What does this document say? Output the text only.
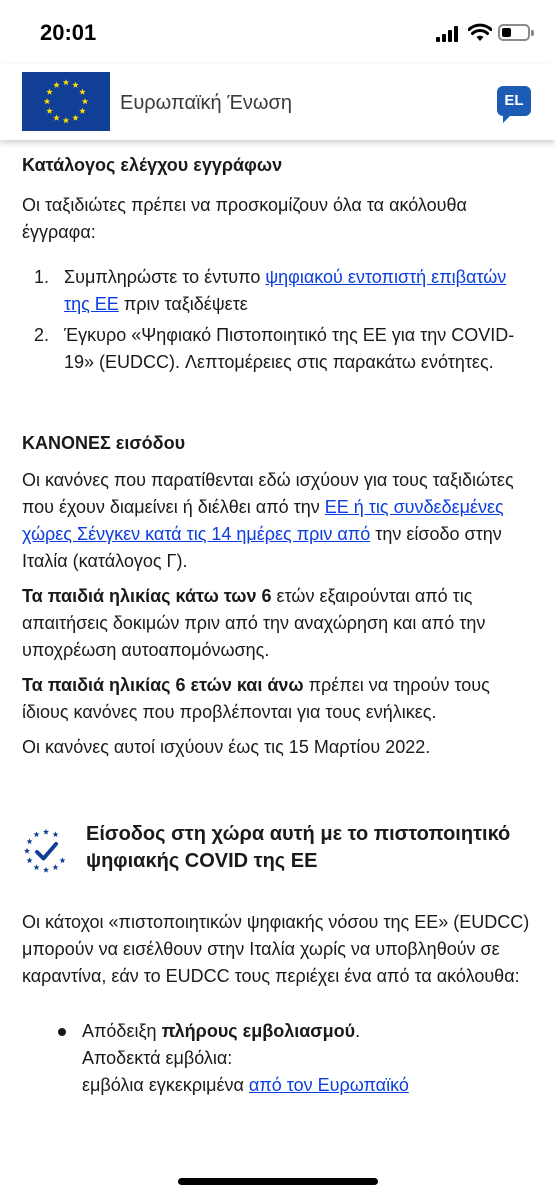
20:01
Ευρωπαϊκή Ένωση	EL
Κατάλογος ελέγχου εγγράφων

Οι ταξιδιώτες πρέπει να προσκομίζουν όλα τα ακόλουθα έγγραφα:

1. Συμπληρώστε το έντυπο ψηφιακού εντοπιστή επιβατών της ΕΕ πριν ταξιδέψετε
2. Έγκυρο «Ψηφιακό Πιστοποιητικό της ΕΕ για την COVID-19» (EUDCC). Λεπτομέρειες στις παρακάτω ενότητες.
ΚΑΝΟΝΕΣ εισόδου

Οι κανόνες που παρατίθενται εδώ ισχύουν για τους ταξιδιώτες που έχουν διαμείνει ή διέλθει από την ΕΕ ή τις συνδεδεμένες χώρες Σένγκεν κατά τις 14 ημέρες πριν από την είσοδο στην Ιταλία (κατάλογος Γ).

Τα παιδιά ηλικίας κάτω των 6 ετών εξαιρούνται από τις απαιτήσεις δοκιμών πριν από την αναχώρηση και από την υποχρέωση αυτοαπομόνωσης.

Τα παιδιά ηλικίας 6 ετών και άνω πρέπει να τηρούν τους ίδιους κανόνες που προβλέπονται για τους ενήλικες.

Οι κανόνες αυτοί ισχύουν έως τις 15 Μαρτίου 2022.

Είσοδος στη χώρα αυτή με το πιστοποιητικό ψηφιακής COVID της ΕΕ

Οι κάτοχοι «πιστοποιητικών ψηφιακής νόσου της ΕΕ» (EUDCC) μπορούν να εισέλθουν στην Ιταλία χωρίς να υποβληθούν σε καραντίνα, εάν το EUDCC τους περιέχει ένα από τα ακόλουθα:

Απόδειξη πλήρους εμβολιασμού.
Αποδεκτά εμβόλια:
εμβόλια εγκεκριμένα από τον Ευρωπαϊκό
